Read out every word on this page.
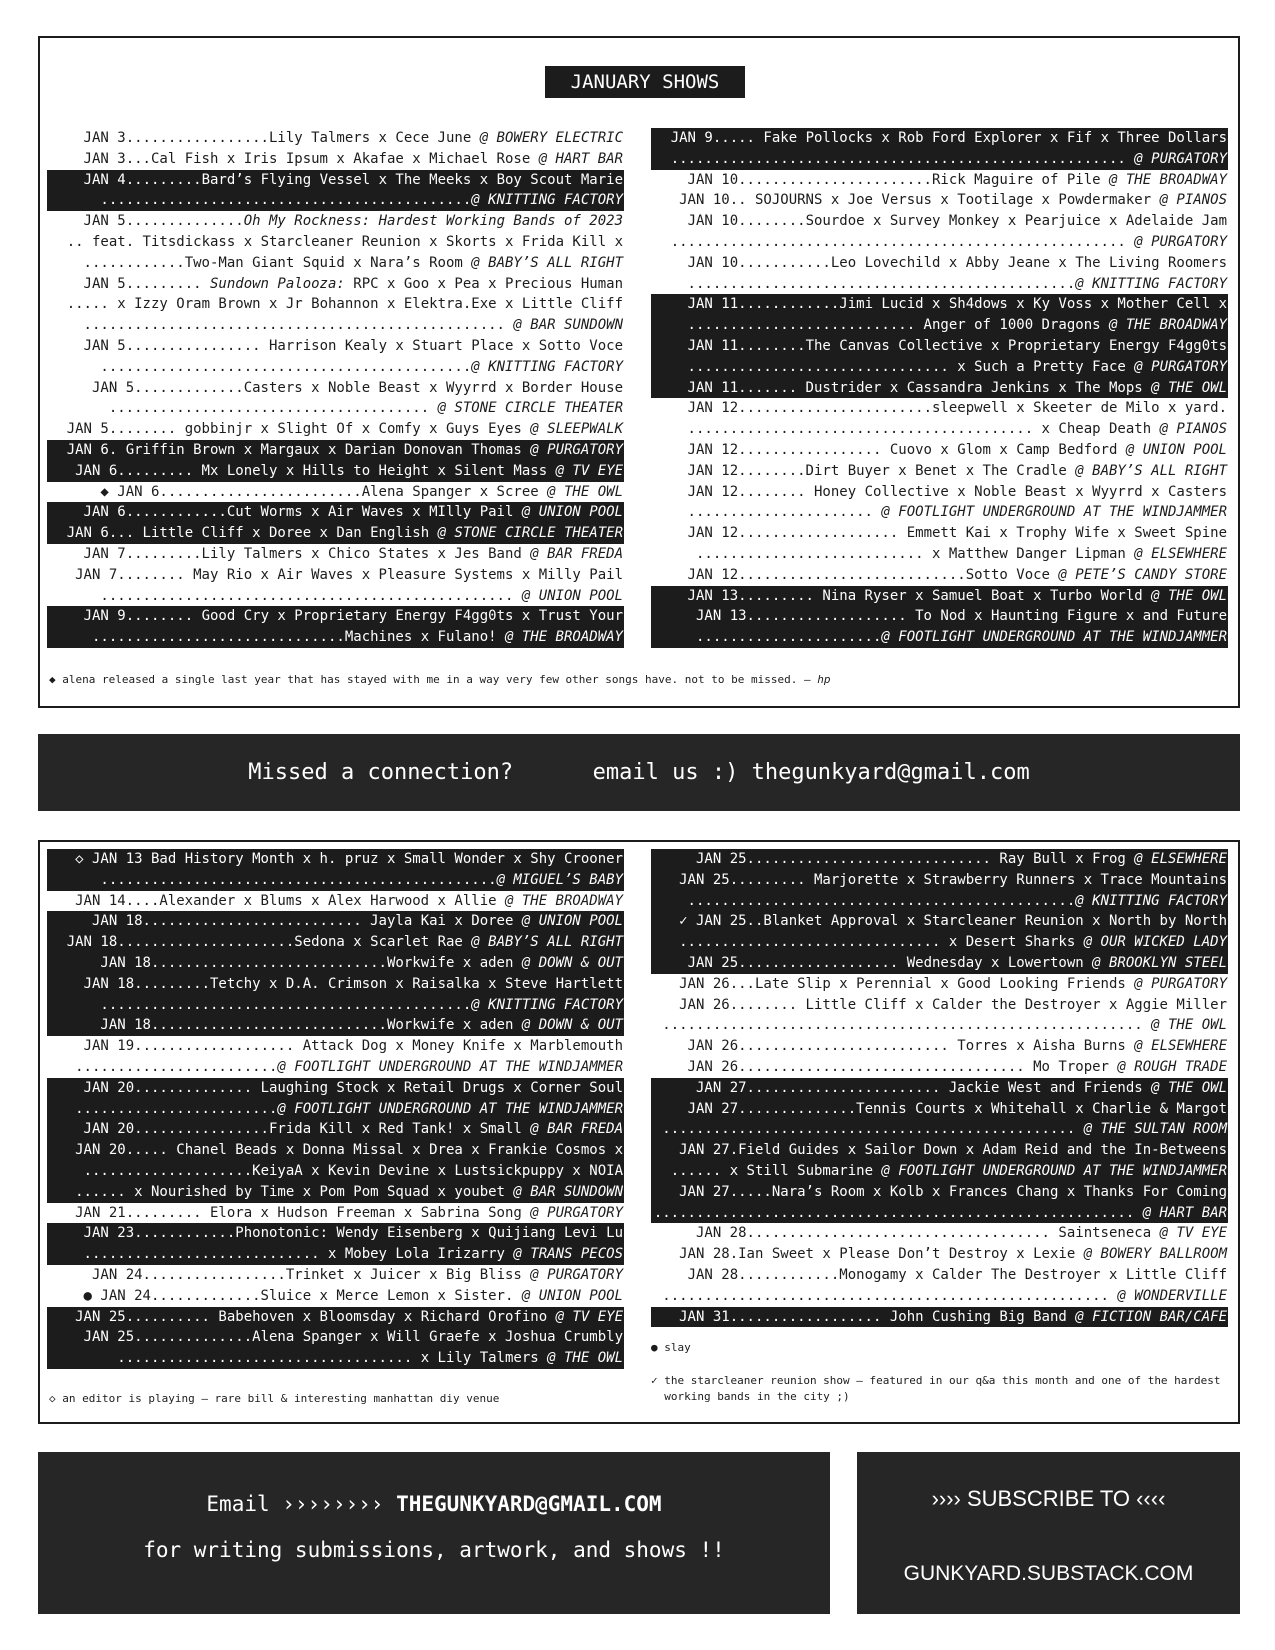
JANUARY SHOWS
JAN 3.................Lily Talmers x Cece June @ BOWERY ELECTRIC
JAN 3...Cal Fish x Iris Ipsum x Akafae x Michael Rose @ HART BAR
JAN 4.........Bard’s Flying Vessel x The Meeks x Boy Scout Marie
............................................@ KNITTING FACTORY
JAN 5..............Oh My Rockness: Hardest Working Bands of 2023
.. feat. Titsdickass x Starcleaner Reunion x Skorts x Frida Kill x
............Two-Man Giant Squid x Nara’s Room @ BABY’S ALL RIGHT
JAN 5......... Sundown Palooza: RPC x Goo x Pea x Precious Human
..... x Izzy Oram Brown x Jr Bohannon x Elektra.Exe x Little Cliff
.................................................. @ BAR SUNDOWN
JAN 5................ Harrison Kealy x Stuart Place x Sotto Voce
............................................@ KNITTING FACTORY
JAN 5.............Casters x Noble Beast x Wyyrrd x Border House
...................................... @ STONE CIRCLE THEATER
JAN 5........ gobbinjr x Slight Of x Comfy x Guys Eyes @ SLEEPWALK
JAN 6. Griffin Brown x Margaux x Darian Donovan Thomas @ PURGATORY
JAN 6......... Mx Lonely x Hills to Height x Silent Mass @ TV EYE
◆ JAN 6........................Alena Spanger x Scree @ THE OWL
JAN 6............Cut Worms x Air Waves x MIlly Pail @ UNION POOL
JAN 6... Little Cliff x Doree x Dan English @ STONE CIRCLE THEATER
JAN 7.........Lily Talmers x Chico States x Jes Band @ BAR FREDA
JAN 7........ May Rio x Air Waves x Pleasure Systems x Milly Pail
................................................. @ UNION POOL
JAN 9........ Good Cry x Proprietary Energy F4gg0ts x Trust Your
..............................Machines x Fulano! @ THE BROADWAY
JAN 9..... Fake Pollocks x Rob Ford Explorer x Fif x Three Dollars
...................................................... @ PURGATORY
JAN 10.......................Rick Maguire of Pile @ THE BROADWAY
JAN 10.. SOJOURNS x Joe Versus x Tootilage x Powdermaker @ PIANOS
JAN 10........Sourdoe x Survey Monkey x Pearjuice x Adelaide Jam
...................................................... @ PURGATORY
JAN 10...........Leo Lovechild x Abby Jeane x The Living Roomers
..............................................@ KNITTING FACTORY
JAN 11............Jimi Lucid x Sh4dows x Ky Voss x Mother Cell x
........................... Anger of 1000 Dragons @ THE BROADWAY
JAN 11........The Canvas Collective x Proprietary Energy F4gg0ts
............................... x Such a Pretty Face @ PURGATORY
JAN 11....... Dustrider x Cassandra Jenkins x The Mops @ THE OWL
JAN 12.......................sleepwell x Skeeter de Milo x yard.
......................................... x Cheap Death @ PIANOS
JAN 12................. Cuovo x Glom x Camp Bedford @ UNION POOL
JAN 12........Dirt Buyer x Benet x The Cradle @ BABY’S ALL RIGHT
JAN 12........ Honey Collective x Noble Beast x Wyyrrd x Casters
...................... @ FOOTLIGHT UNDERGROUND AT THE WINDJAMMER
JAN 12................... Emmett Kai x Trophy Wife x Sweet Spine
........................... x Matthew Danger Lipman @ ELSEWHERE
JAN 12...........................Sotto Voce @ PETE’S CANDY STORE
JAN 13......... Nina Ryser x Samuel Boat x Turbo World @ THE OWL
JAN 13................... To Nod x Haunting Figure x and Future
......................@ FOOTLIGHT UNDERGROUND AT THE WINDJAMMER
◆ alena released a single last year that has stayed with me in a way very few other songs have. not to be missed. – hp
Missed a connection?	email us :) thegunkyard@gmail.com
◇ JAN 13 Bad History Month x h. pruz x Small Wonder x Shy Crooner
...............................................@ MIGUEL’S BABY
JAN 14....Alexander x Blums x Alex Harwood x Allie @ THE BROADWAY
JAN 18.......................... Jayla Kai x Doree @ UNION POOL
JAN 18.....................Sedona x Scarlet Rae @ BABY’S ALL RIGHT
JAN 18............................Workwife x aden @ DOWN & OUT
JAN 18.........Tetchy x D.A. Crimson x Raisalka x Steve Hartlett
............................................@ KNITTING FACTORY
JAN 18............................Workwife x aden @ DOWN & OUT
JAN 19................... Attack Dog x Money Knife x Marblemouth
........................@ FOOTLIGHT UNDERGROUND AT THE WINDJAMMER
JAN 20.............. Laughing Stock x Retail Drugs x Corner Soul
........................@ FOOTLIGHT UNDERGROUND AT THE WINDJAMMER
JAN 20................Frida Kill x Red Tank! x Small @ BAR FREDA
JAN 20..... Chanel Beads x Donna Missal x Drea x Frankie Cosmos x
....................KeiyaA x Kevin Devine x Lustsickpuppy x NOIA
...... x Nourished by Time x Pom Pom Squad x youbet @ BAR SUNDOWN
JAN 21......... Elora x Hudson Freeman x Sabrina Song @ PURGATORY
JAN 23............Phonotonic: Wendy Eisenberg x Quijiang Levi Lu
............................ x Mobey Lola Irizarry @ TRANS PECOS
JAN 24.................Trinket x Juicer x Big Bliss @ PURGATORY
● JAN 24.............Sluice x Merce Lemon x Sister. @ UNION POOL
JAN 25.......... Babehoven x Bloomsday x Richard Orofino @ TV EYE
JAN 25..............Alena Spanger x Will Graefe x Joshua Crumbly
................................... x Lily Talmers @ THE OWL
JAN 25............................. Ray Bull x Frog @ ELSEWHERE
JAN 25......... Marjorette x Strawberry Runners x Trace Mountains
..............................................@ KNITTING FACTORY
✓ JAN 25..Blanket Approval x Starcleaner Reunion x North by North
............................... x Desert Sharks @ OUR WICKED LADY
JAN 25................... Wednesday x Lowertown @ BROOKLYN STEEL
JAN 26...Late Slip x Perennial x Good Looking Friends @ PURGATORY
JAN 26........ Little Cliff x Calder the Destroyer x Aggie Miller
......................................................... @ THE OWL
JAN 26......................... Torres x Aisha Burns @ ELSEWHERE
JAN 26.................................. Mo Troper @ ROUGH TRADE
JAN 27....................... Jackie West and Friends @ THE OWL
JAN 27..............Tennis Courts x Whitehall x Charlie & Margot
................................................. @ THE SULTAN ROOM
JAN 27.Field Guides x Sailor Down x Adam Reid and the In-Betweens
...... x Still Submarine @ FOOTLIGHT UNDERGROUND AT THE WINDJAMMER
JAN 27.....Nara’s Room x Kolb x Frances Chang x Thanks For Coming
......................................................... @ HART BAR
JAN 28.................................... Saintseneca @ TV EYE
JAN 28.Ian Sweet x Please Don’t Destroy x Lexie @ BOWERY BALLROOM
JAN 28............Monogamy x Calder The Destroyer x Little Cliff
..................................................... @ WONDERVILLE
JAN 31.................. John Cushing Big Band @ FICTION BAR/CAFE
◇ an editor is playing – rare bill & interesting manhattan diy venue
● slay
✓ the starcleaner reunion show – featured in our q&a this month and one of the hardest
working bands in the city ;)
Email ›››››››› THEGUNKYARD@GMAIL.COM
for writing submissions, artwork, and shows !!
›››› SUBSCRIBE TO ‹‹‹‹
GUNKYARD.SUBSTACK.COM
